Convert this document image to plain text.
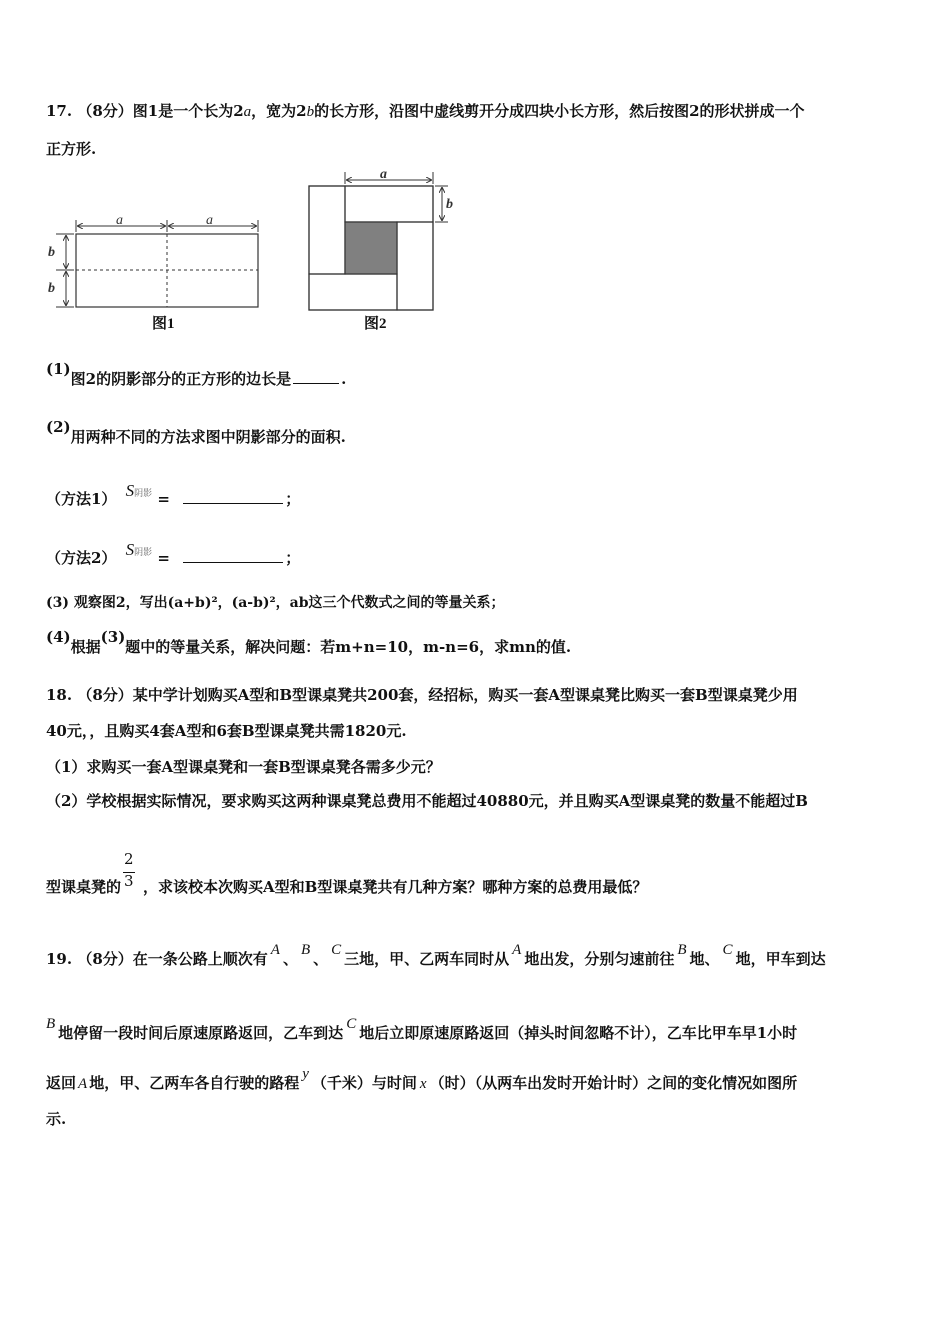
17. （8分）图1是一个长为2a，宽为2b的长方形，沿图中虚线剪开分成四块小长方形，然后按图2的形状拼成一个
正方形.
a	a
b
b
图1
a
b
图2
(1)图2的阴影部分的正方形的边长是	.
(2)用两种不同的方法求图中阴影部分的面积.
（方法1） S阴影 =	；
（方法2） S阴影 =	；
(3) 观察图2，写出(a+b)²，(a-b)²，ab这三个代数式之间的等量关系；
(4)根据(3)题中的等量关系，解决问题：若m+n=10，m-n=6，求mn的值.
18. （8分）某中学计划购买A型和B型课桌凳共200套，经招标，购买一套A型课桌凳比购买一套B型课桌凳少用
40元，，且购买4套A型和6套B型课桌凳共需1820元.
（1）求购买一套A型课桌凳和一套B型课桌凳各需多少元？
（2）学校根据实际情况，要求购买这两种课桌凳总费用不能超过40880元，并且购买A型课桌凳的数量不能超过B
型课桌凳的 $\frac{2}{3}$ ，求该校本次购买A型和B型课桌凳共有几种方案？哪种方案的总费用最低？
19. （8分）在一条公路上顺次有 A 、 B 、 C 三地，甲、乙两车同时从 A 地出发，分别匀速前往 B 地、 C 地，甲车到达
B 地停留一段时间后原速原路返回，乙车到达 C 地后立即原速原路返回（掉头时间忽略不计），乙车比甲车早1小时
返回 A 地，甲、乙两车各自行驶的路程 y （千米）与时间 x （时）（从两车出发时开始计时）之间的变化情况如图所
示.
